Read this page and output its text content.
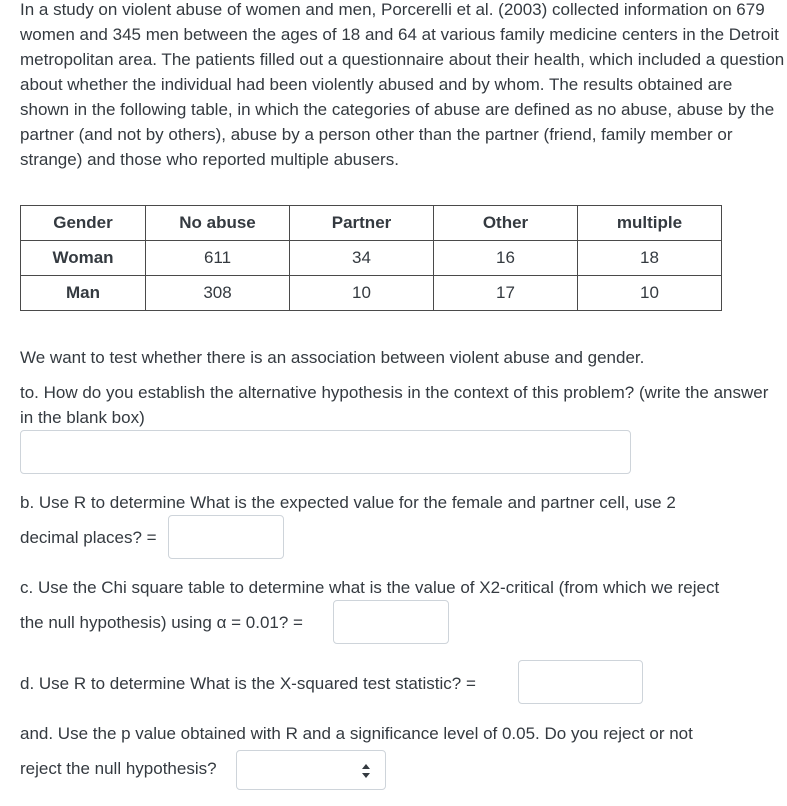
In a study on violent abuse of women and men, Porcerelli et al. (2003) collected information on 679 women and 345 men between the ages of 18 and 64 at various family medicine centers in the Detroit metropolitan area. The patients filled out a questionnaire about their health, which included a question about whether the individual had been violently abused and by whom. The results obtained are shown in the following table, in which the categories of abuse are defined as no abuse, abuse by the partner (and not by others), abuse by a person other than the partner (friend, family member or strange) and those who reported multiple abusers.

Gender	No abuse	Partner	Other	multiple
Woman	611	34	16	18
Man	308	10	17	10

We want to test whether there is an association between violent abuse and gender.

to. How do you establish the alternative hypothesis in the context of this problem? (write the answer in the blank box)

b. Use R to determine What is the expected value for the female and partner cell, use 2

decimal places? =

c. Use the Chi square table to determine what is the value of X2-critical (from which we reject

the null hypothesis) using α = 0.01? =

d. Use R to determine What is the X-squared test statistic? =

and. Use the p value obtained with R and a significance level of 0.05. Do you reject or not

reject the null hypothesis?
